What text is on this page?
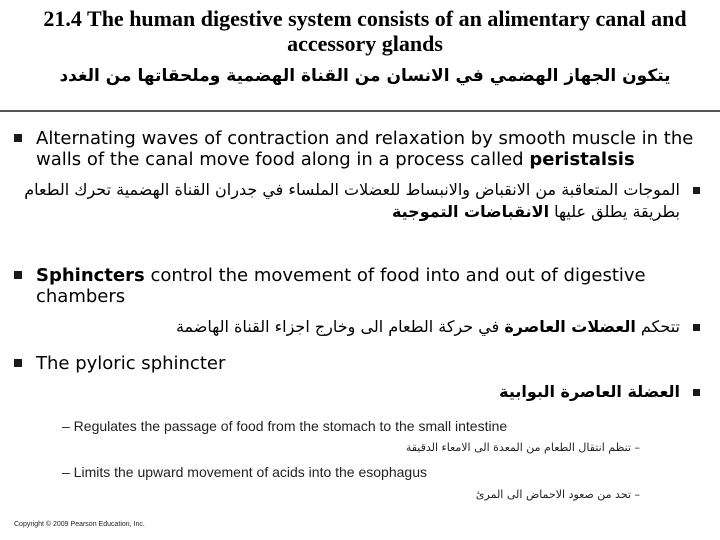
21.4 The human digestive system consists of an alimentary canal and accessory glands
يتكون الجهاز الهضمي في الانسان من القناة الهضمية وملحقاتها من الغدد
Alternating waves of contraction and relaxation by smooth muscle in the walls of the canal move food along in a process called peristalsis
الموجات المتعاقبة من الانقباض والانبساط للعضلات الملساء في جدران القناة الهضمية تحرك الطعام بطريقة يطلق عليها الانقباضات التموجية
Sphincters control the movement of food into and out of digestive chambers
تتحكم العضلات العاصرة في حركة الطعام الى وخارج اجزاء القناة الهاضمة
The pyloric sphincter
العضلة العاصرة البوابية
– Regulates the passage of food from the stomach to the small intestine
– تنظم انتقال الطعام من المعدة الى الامعاء الدقيقة
– Limits the upward movement of acids into the esophagus
– تحد من صعود الاحماض الى المرئ
Copyright © 2009 Pearson Education, Inc.
